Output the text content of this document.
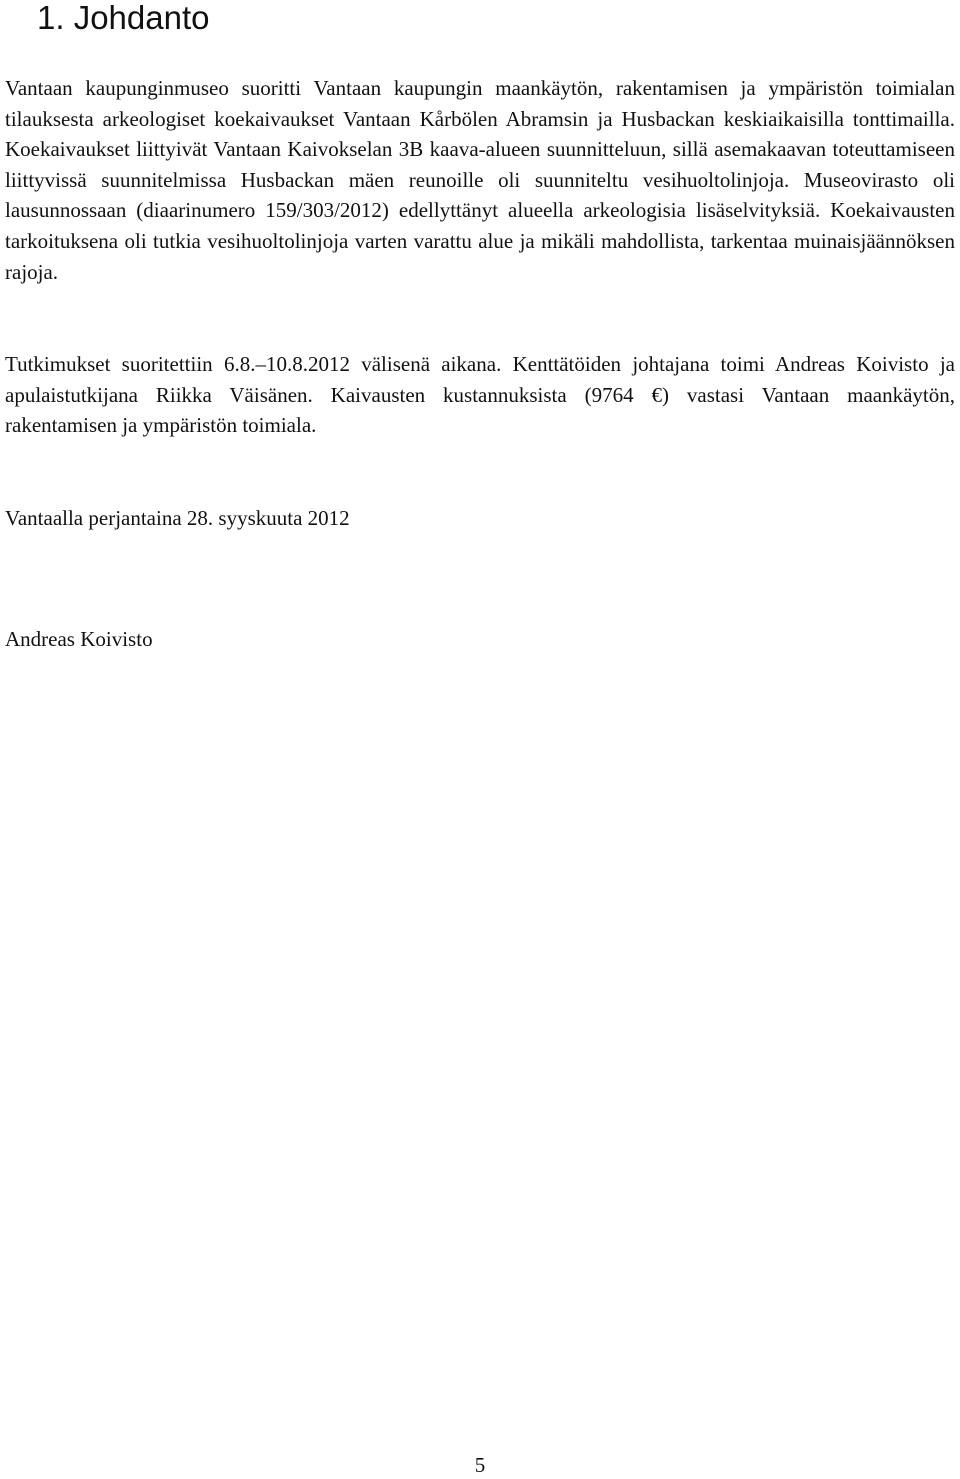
1. Johdanto

Vantaan kaupunginmuseo suoritti Vantaan kaupungin maankäytön, rakentamisen ja ympäristön toimialan tilauksesta arkeologiset koekaivaukset Vantaan Kårbölen Abramsin ja Husbackan keskiaikaisilla tonttimailla. Koekaivaukset liittyivät Vantaan Kaivokselan 3B kaava-alueen suunnitteluun, sillä asemakaavan toteuttamiseen liittyvissä suunnitelmissa Husbackan mäen reunoille oli suunniteltu vesihuoltolinjoja. Museovirasto oli lausunnossaan (diaarinumero 159/303/2012) edellyttänyt alueella arkeologisia lisäselvityksiä. Koekaivausten tarkoituksena oli tutkia vesihuoltolinjoja varten varattu alue ja mikäli mahdollista, tarkentaa muinaisjäännöksen rajoja.

Tutkimukset suoritettiin 6.8.–10.8.2012 välisenä aikana. Kenttätöiden johtajana toimi Andreas Koivisto ja apulaistutkijana Riikka Väisänen. Kaivausten kustannuksista (9764 €) vastasi Vantaan maankäytön, rakentamisen ja ympäristön toimiala.

Vantaalla perjantaina 28. syyskuuta 2012

Andreas Koivisto

5
